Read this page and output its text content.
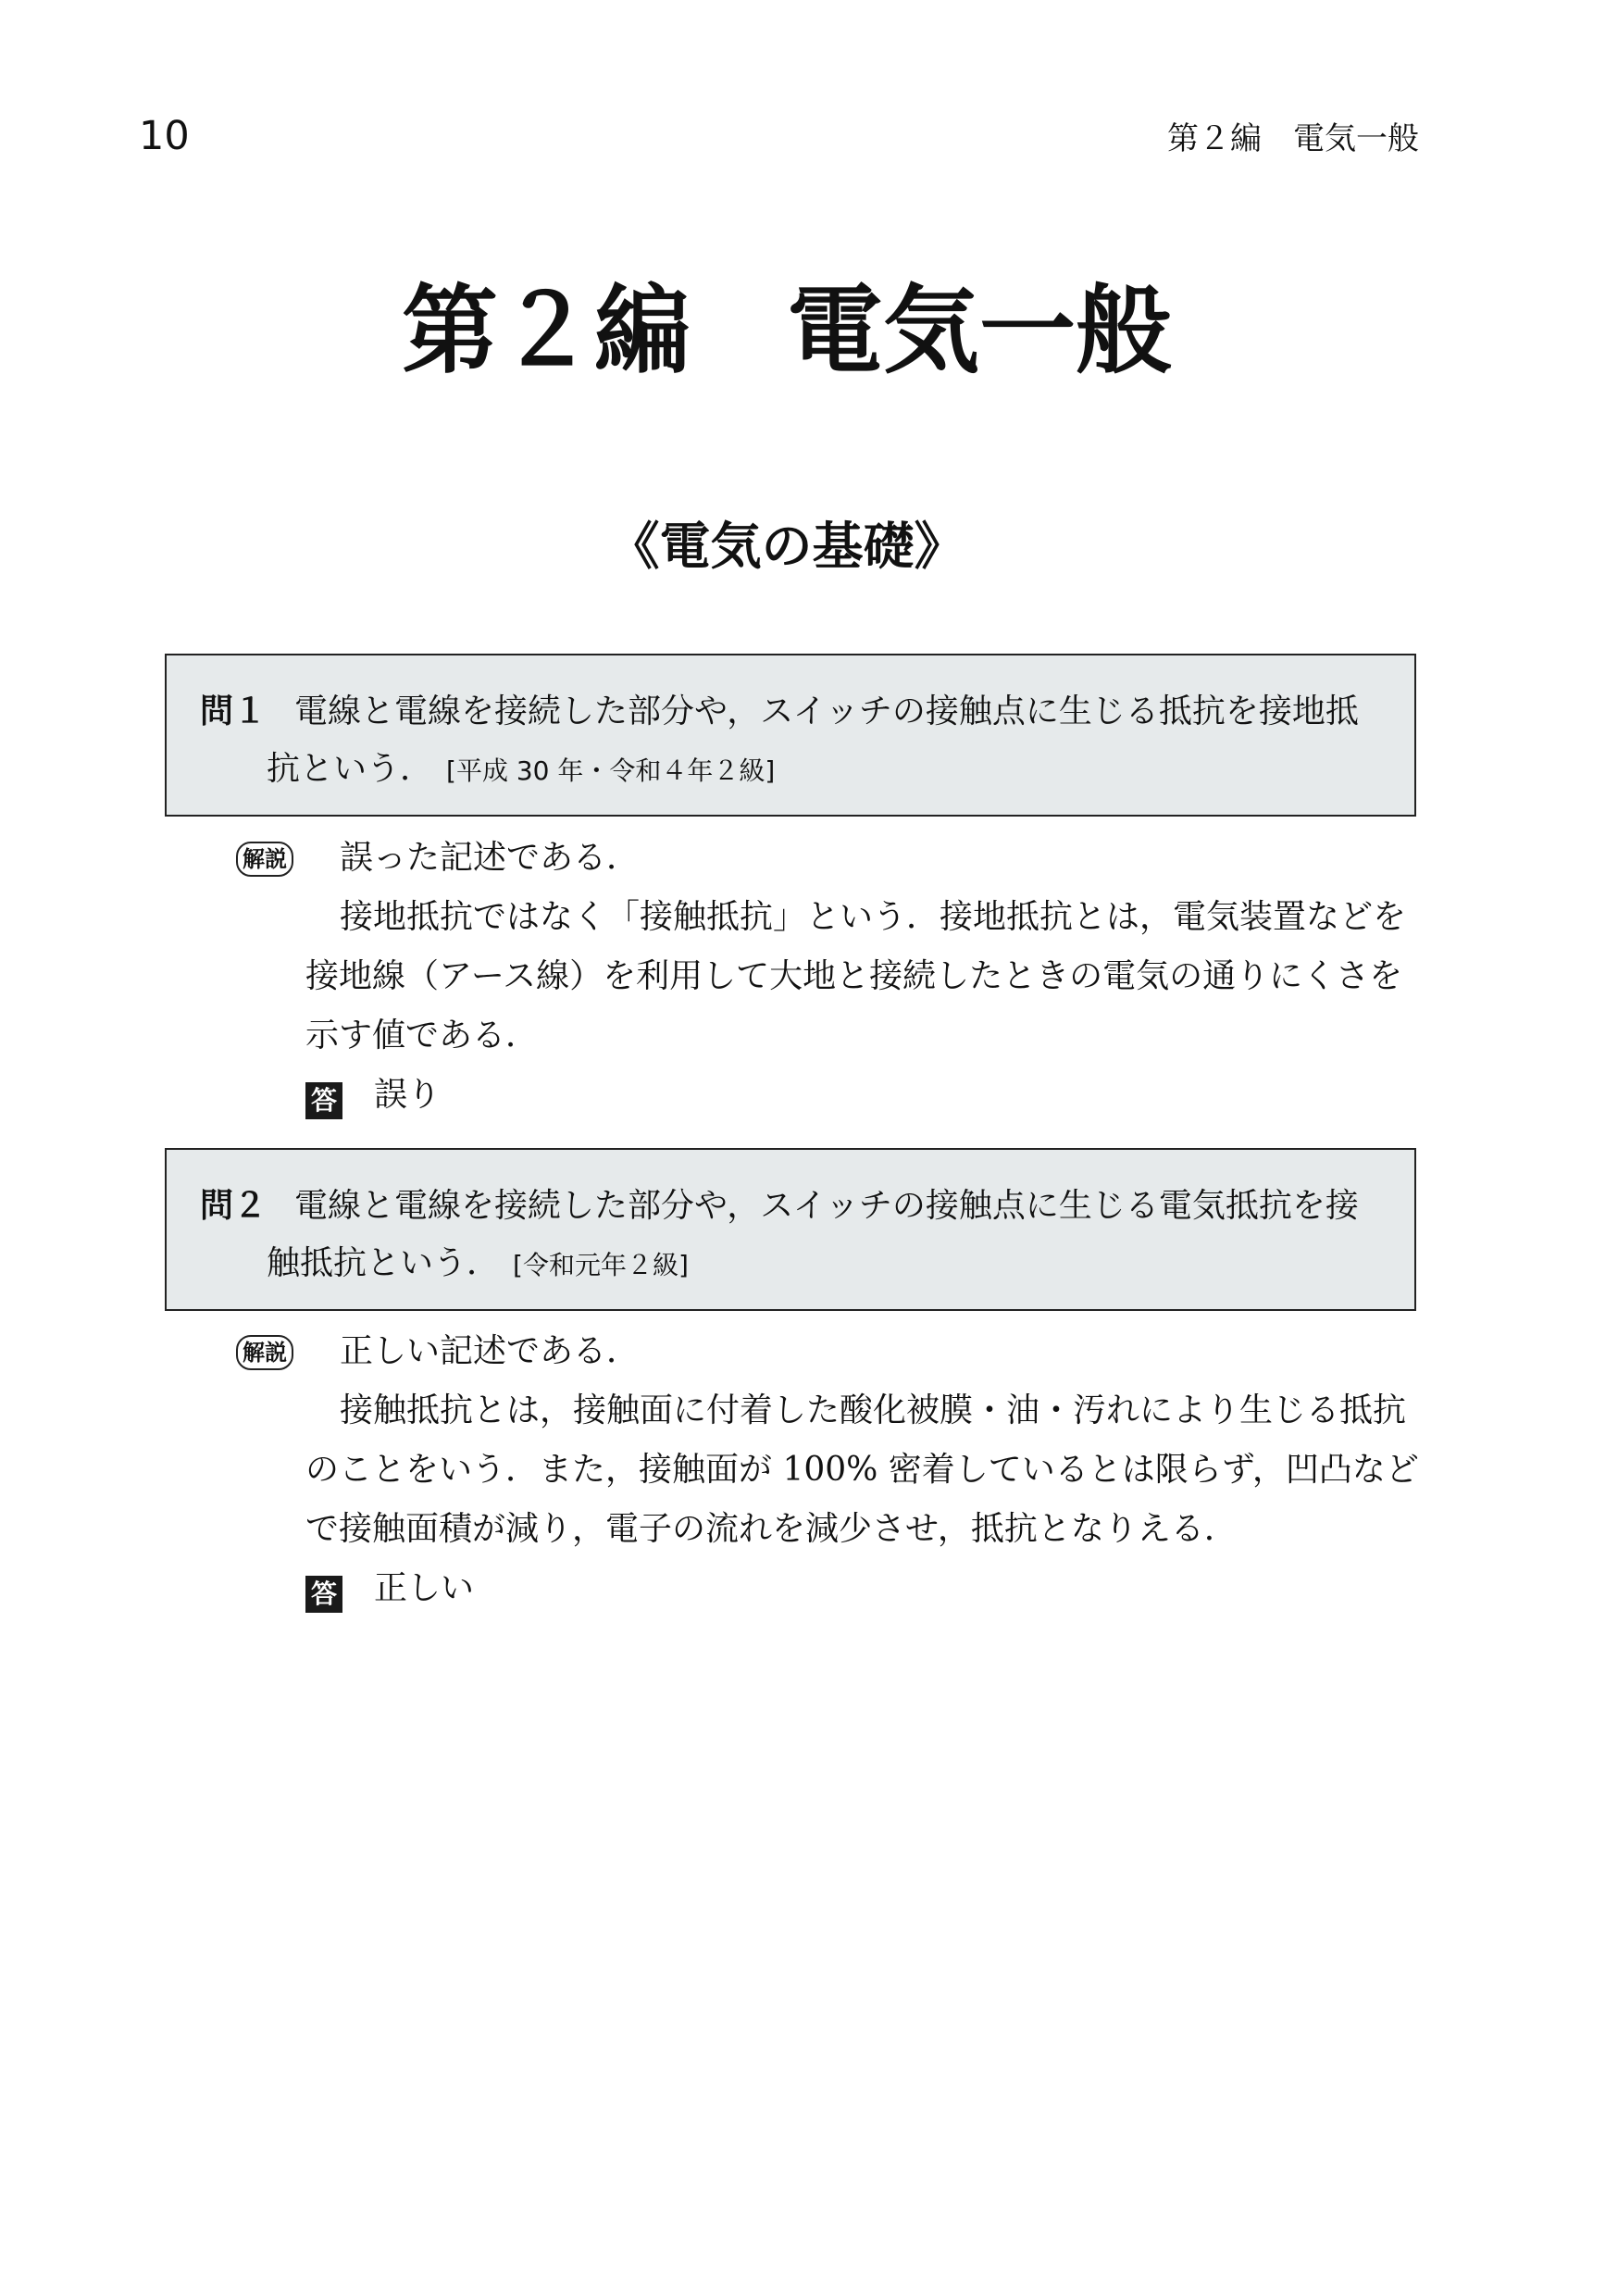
10	第２編　電気一般
第２編　電気一般
《電気の基礎》
問１ 電線と電線を接続した部分や，スイッチの接触点に生じる抵抗を接地抵抗という． [平成 30 年・令和４年２級]
解説 誤った記述である．
接地抵抗ではなく「接触抵抗」という．接地抵抗とは，電気装置などを接地線（アース線）を利用して大地と接続したときの電気の通りにくさを示す値である．
答 誤り
問２ 電線と電線を接続した部分や，スイッチの接触点に生じる電気抵抗を接触抵抗という． [令和元年２級]
解説 正しい記述である．
接触抵抗とは，接触面に付着した酸化被膜・油・汚れにより生じる抵抗のことをいう．また，接触面が 100% 密着しているとは限らず，凹凸などで接触面積が減り，電子の流れを減少させ，抵抗となりえる．
答 正しい
